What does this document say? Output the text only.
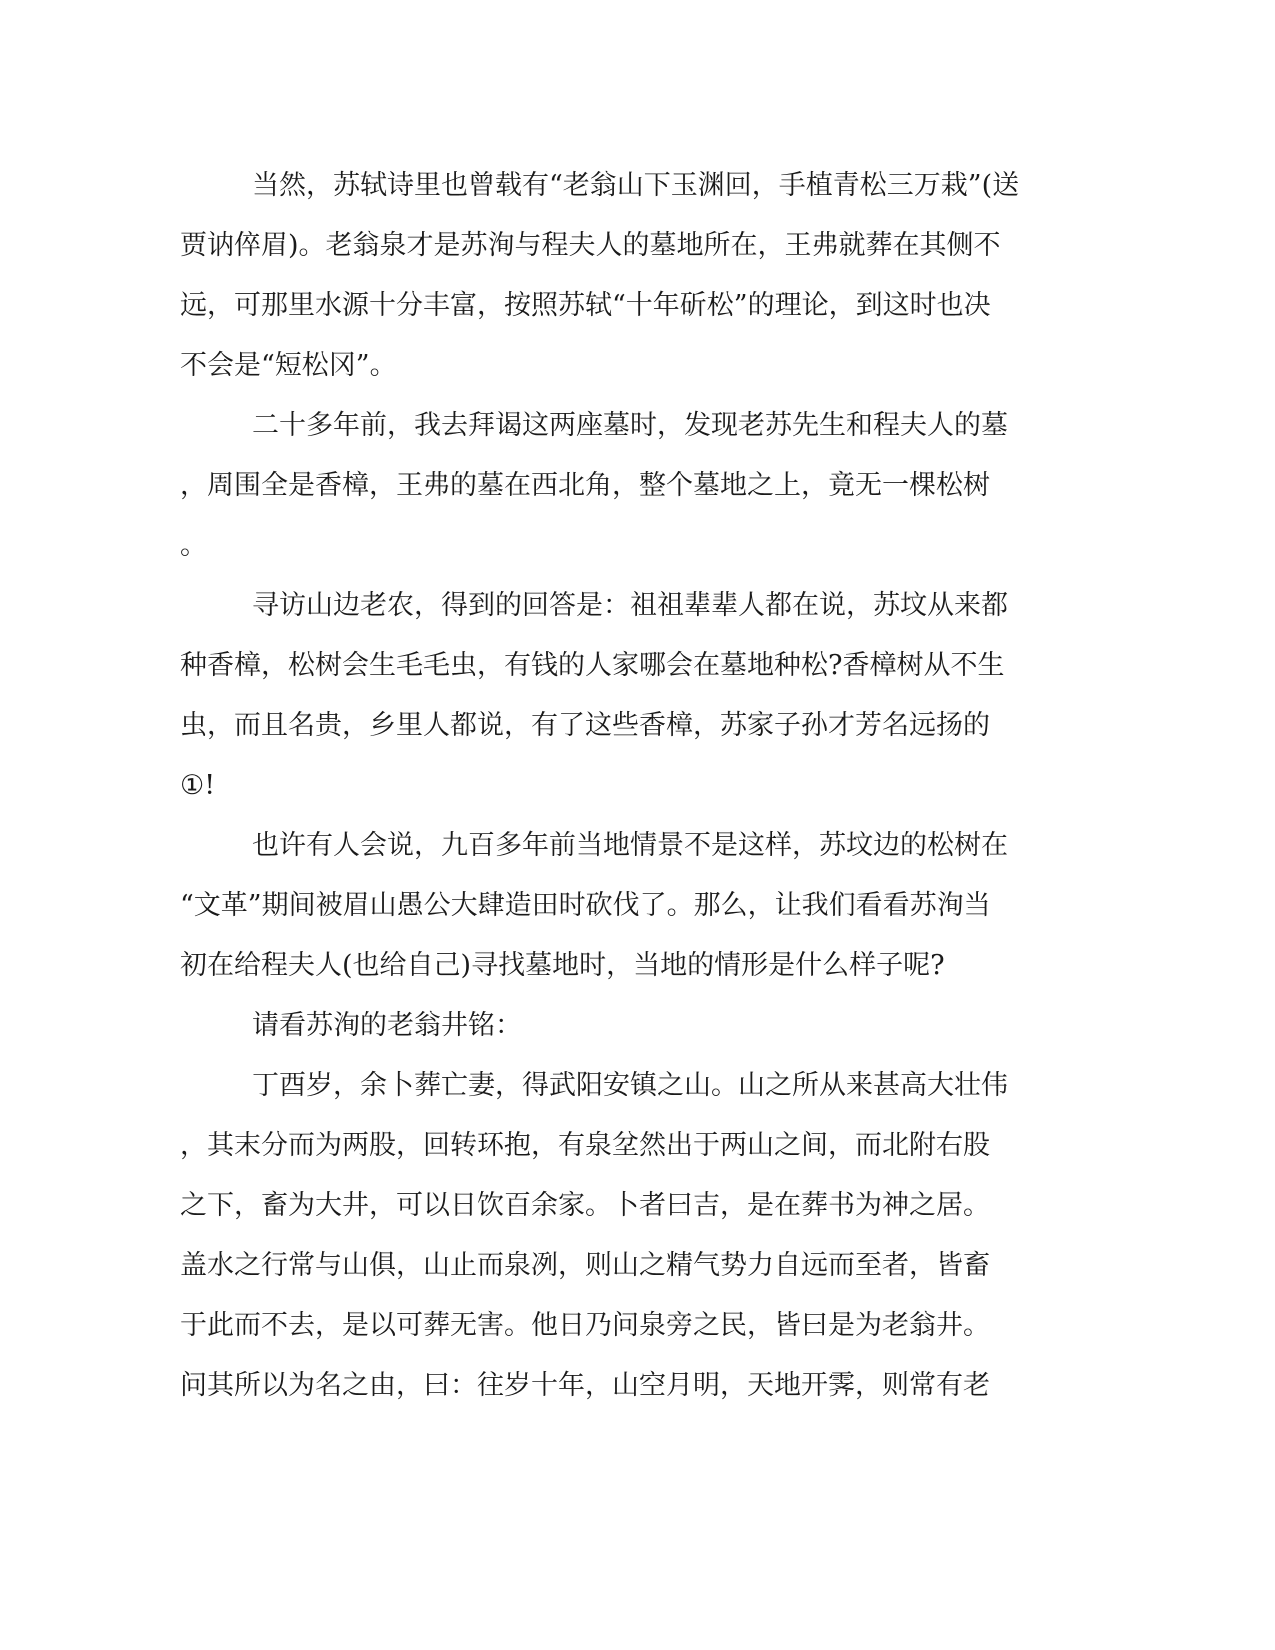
当然，苏轼诗里也曾载有“老翁山下玉渊回，手植青松三万栽”(送
贾讷倅眉)。老翁泉才是苏洵与程夫人的墓地所在，王弗就葬在其侧不
远，可那里水源十分丰富，按照苏轼“十年斫松”的理论，到这时也决
不会是“短松冈”。
二十多年前，我去拜谒这两座墓时，发现老苏先生和程夫人的墓
，周围全是香樟，王弗的墓在西北角，整个墓地之上，竟无一棵松树
。
寻访山边老农，得到的回答是：祖祖辈辈人都在说，苏坟从来都
种香樟，松树会生毛毛虫，有钱的人家哪会在墓地种松?香樟树从不生
虫，而且名贵，乡里人都说，有了这些香樟，苏家子孙才芳名远扬的
①!
也许有人会说，九百多年前当地情景不是这样，苏坟边的松树在
“文革”期间被眉山愚公大肆造田时砍伐了。那么，让我们看看苏洵当
初在给程夫人(也给自己)寻找墓地时，当地的情形是什么样子呢?
请看苏洵的老翁井铭：
丁酉岁，余卜葬亡妻，得武阳安镇之山。山之所从来甚高大壮伟
，其末分而为两股，回转环抱，有泉坌然出于两山之间，而北附右股
之下，畜为大井，可以日饮百余家。卜者曰吉，是在葬书为神之居。
盖水之行常与山俱，山止而泉冽，则山之精气势力自远而至者，皆畜
于此而不去，是以可葬无害。他日乃问泉旁之民，皆曰是为老翁井。
问其所以为名之由，曰：往岁十年，山空月明，天地开霁，则常有老
